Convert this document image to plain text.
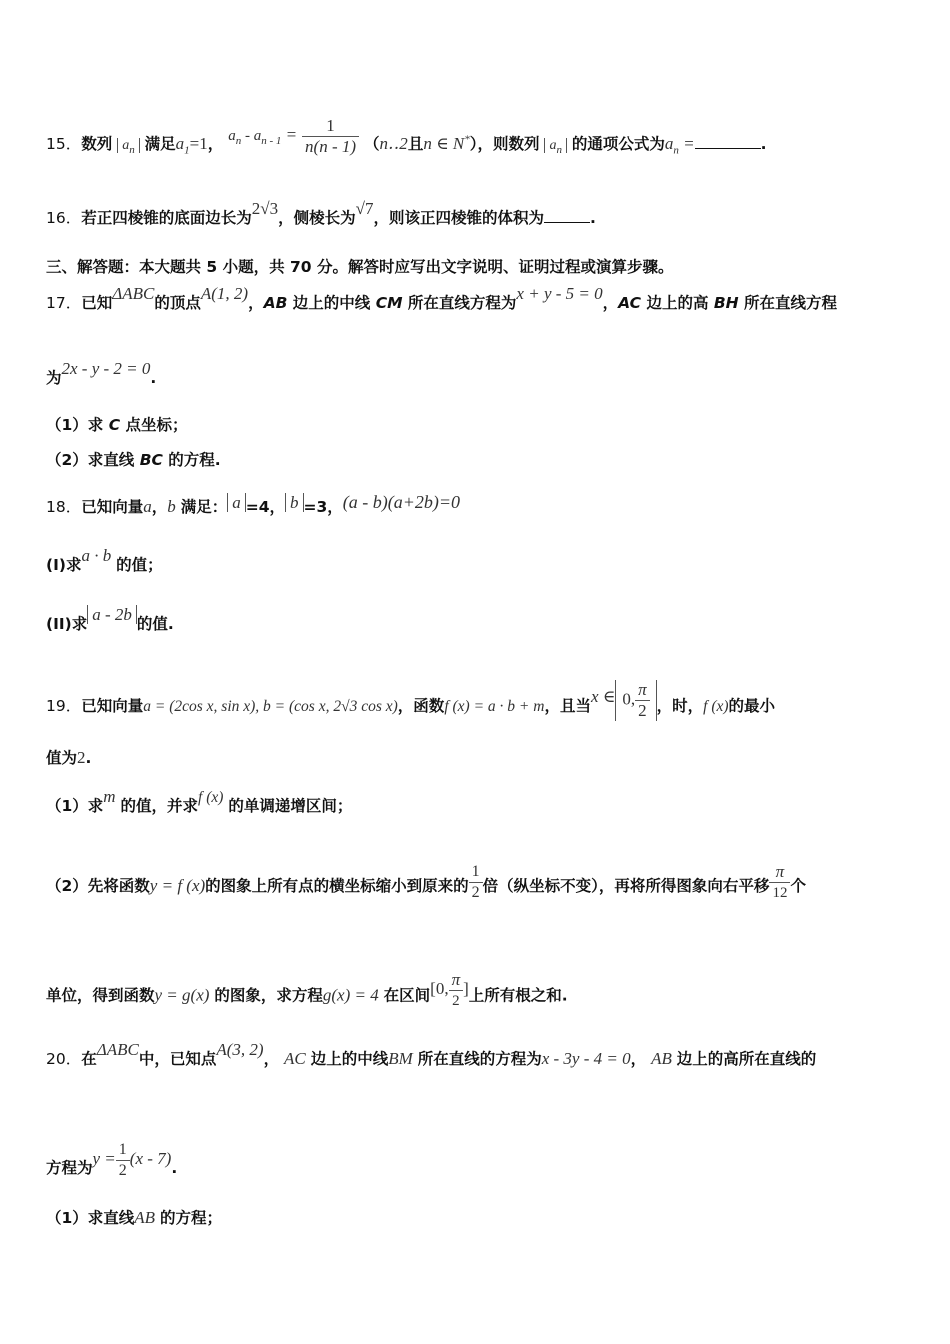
15．数列 $a_n$ 满足$a_1=1$， $a_n - a_{n - 1} = \frac{1}{n(n - 1)}$ （n‥2且n ∈ N*），则数列 $a_n$ 的通项公式为$a_n$ =	.
16．若正四棱锥的底面边长为2√3，侧棱长为√7，则该正四棱锥的体积为	.
三、解答题：本大题共 5 小题，共 70 分。解答时应写出文字说明、证明过程或演算步骤。
17．已知ΔABC的顶点A(1, 2)，AB 边上的中线 CM 所在直线方程为x + y - 5 = 0，AC 边上的高 BH 所在直线方程
为2x - y - 2 = 0.
（1）求 C 点坐标；
（2）求直线 BC 的方程.
18．已知向量a，b 满足： a =4， b =3，(a - b)(a+2b)=0
(I)求a · b 的值；
(II)求 a - 2b 的值.
19．已知向量a = (2cos x, sin x), b = (cos x, 2√3 cos x)，函数f (x) = a · b + m，且当x ∈ 0, $\frac{\pi}{2}$ ，时，f (x)的最小
值为2.
（1）求m 的值，并求f (x) 的单调递增区间；
（2）先将函数y = f (x)的图象上所有点的横坐标缩小到原来的 $\frac{1}{2}$ 倍（纵坐标不变），再将所得图象向右平移 $\frac{\pi}{12}$ 个
单位，得到函数y = g(x) 的图象，求方程g(x) = 4 在区间[0, $\frac{\pi}{2}$ ]上所有根之和.
20．在ΔABC中，已知点A(3, 2)， AC 边上的中线BM 所在直线的方程为x - 3y - 4 = 0， AB 边上的高所在直线的
方程为$y = \frac{1}{2} (x - 7)$.
（1）求直线AB 的方程；
